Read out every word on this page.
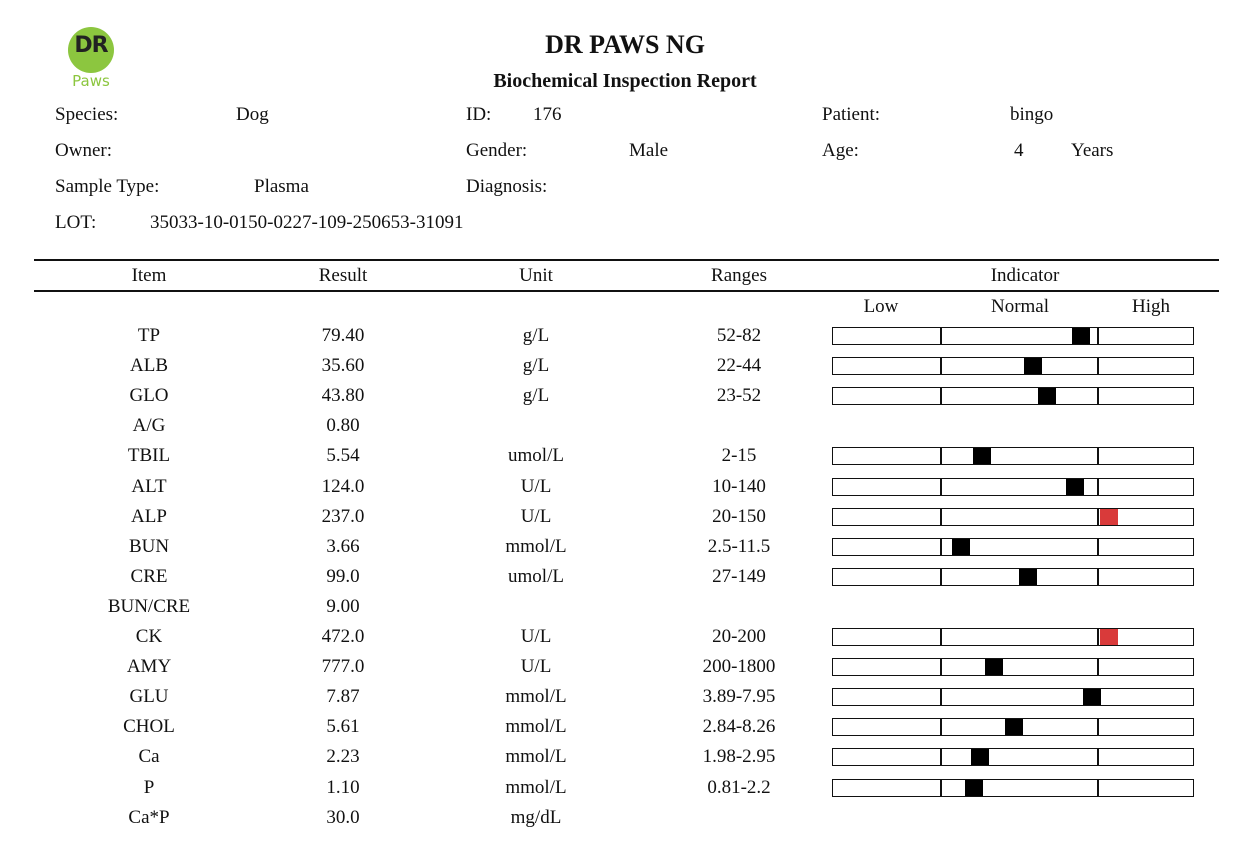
DR
Paws
DR PAWS NG
Biochemical Inspection Report
Species:	Dog	ID: 176	Patient:	bingo
Owner:	Gender:	Male	Age:	4	Years
Sample Type:	Plasma	Diagnosis:
LOT:	35033-10-0150-0227-109-250653-31091
Item	Result	Unit	Ranges	Indicator
Low	Normal	High
TP	79.40	g/L	52-82
ALB	35.60	g/L	22-44
GLO	43.80	g/L	23-52
A/G	0.80
TBIL	5.54	umol/L	2-15
ALT	124.0	U/L	10-140
ALP	237.0	U/L	20-150
BUN	3.66	mmol/L	2.5-11.5
CRE	99.0	umol/L	27-149
BUN/CRE	9.00
CK	472.0	U/L	20-200
AMY	777.0	U/L	200-1800
GLU	7.87	mmol/L	3.89-7.95
CHOL	5.61	mmol/L	2.84-8.26
Ca	2.23	mmol/L	1.98-2.95
P	1.10	mmol/L	0.81-2.2
Ca*P	30.0	mg/dL
